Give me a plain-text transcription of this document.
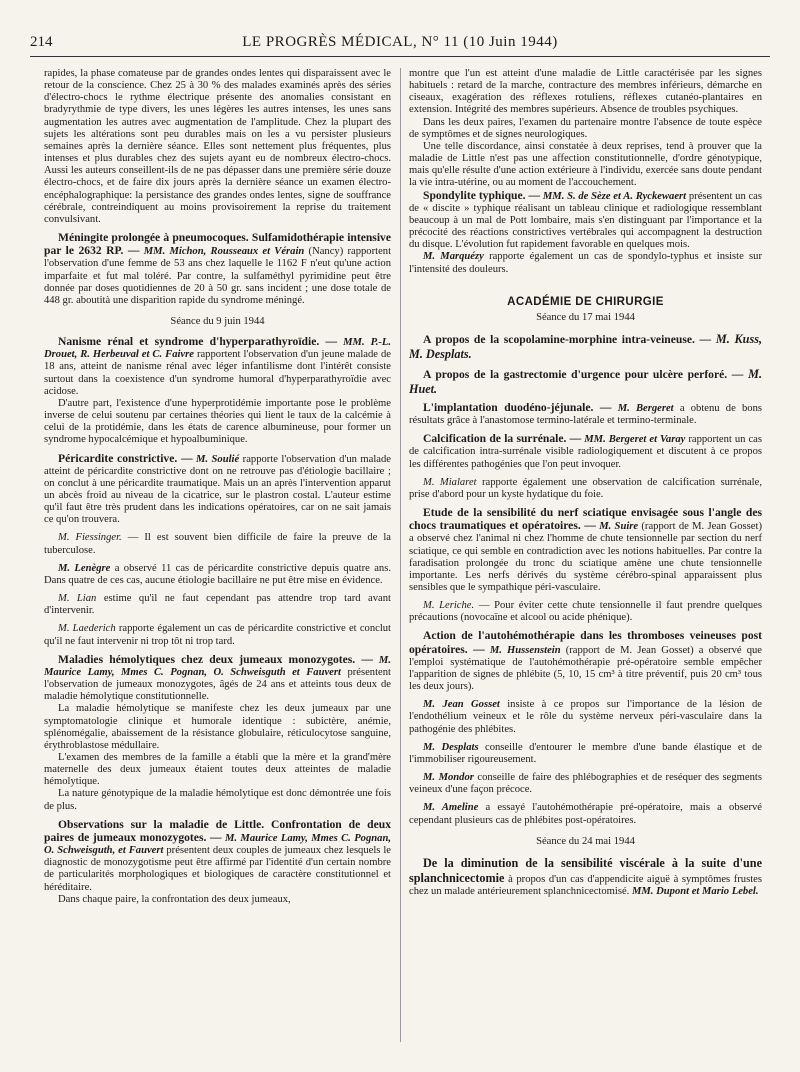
214	LE PROGRÈS MÉDICAL, N° 11 (10 Juin 1944)

rapides, la phase comateuse par de grandes ondes lentes qui disparaissent avec le retour de la conscience. Chez 25 à 30 % des malades examinés après des séries d'électro-chocs le rythme électrique présente des anomalies consistant en bradyrythmie de type divers, les unes légères les autres intenses, les unes sans augmentation les autres avec augmentation de l'amplitude. Chez la plupart des sujets les altérations sont peu durables mais on les a vu persister plusieurs semaines après la dernière séance. Elles sont nettement plus fréquentes, plus intenses et plus durables chez des sujets ayant eu de nombreux électro-chocs. Aussi les auteurs conseillent-ils de ne pas dépasser dans une première série douze électro-chocs, et de faire dix jours après la dernière séance un examen électro-encéphalographique: la persistance des grandes ondes lentes, signe de souffrance cérébrale, contreindiquent au moins provisoirement la reprise du traitement convulsivant.

Méningite prolongée à pneumocoques. Sulfamidothérapie intensive par le 2632 RP. — MM. Michon, Rousseaux et Vérain (Nancy) rapportent l'observation d'une femme de 53 ans chez laquelle le 1162 F n'eut qu'une action imparfaite et fut mal toléré. Par contre, la sulfaméthyl pyrimidine peut être donnée par doses quotidiennes de 20 à 50 gr. sans incident ; une dose totale de 448 gr. aboutità une disparition rapide du syndrome méningé.

Séance du 9 juin 1944

Nanisme rénal et syndrome d'hyperparathyroïdie. — MM. P.-L. Drouet, R. Herbeuval et C. Faivre rapportent l'observation d'un jeune malade de 18 ans, atteint de nanisme rénal avec léger infantilisme dont l'intérêt consiste surtout dans la coexistence d'un syndrome humoral d'hyperparathyroïdie avec acidose.

D'autre part, l'existence d'une hyperprotidémie importante pose le problème inverse de celui soutenu par certaines théories qui lient le taux de la calcémie à celui de la protidémie, dans les états de carence albumineuse, pour former un syndrome hypocalcémique et hypoalbuminique.

Péricardite constrictive. — M. Soulié rapporte l'observation d'un malade atteint de péricardite constrictive dont on ne retrouve pas d'étiologie bacillaire ; on conclut à une péricardite traumatique. Mais un an après l'intervention apparut un abcès froid au niveau de la cicatrice, sur le plastron costal. L'auteur estime qu'il faut être très prudent dans les indications opératoires, car on ne sait jamais ce qu'on trouvera.

M. Fiessinger. — Il est souvent bien difficile de faire la preuve de la tuberculose.

M. Lenègre a observé 11 cas de péricardite constrictive depuis quatre ans. Dans quatre de ces cas, aucune étiologie bacillaire ne put être mise en évidence.

M. Lian estime qu'il ne faut cependant pas attendre trop tard avant d'intervenir.

M. Laederich rapporte également un cas de péricardite constrictive et conclut qu'il ne faut intervenir ni trop tôt ni trop tard.

Maladies hémolytiques chez deux jumeaux monozygotes. — M. Maurice Lamy, Mmes C. Pognan, O. Schweisguth et Fauvert présentent l'observation de jumeaux monozygotes, âgés de 24 ans et atteints tous deux de maladie hémolytique constitutionnelle.

La maladie hémolytique se manifeste chez les deux jumeaux par une symptomatologie clinique et humorale identique : subictère, anémie, splénomégalie, abaissement de la résistance globulaire, réticulocytose sanguine, érythroblastose médullaire.

L'examen des membres de la famille a établi que la mère et la grand'mère maternelle des deux jumeaux étaient toutes deux atteintes de maladie hémolytique.

La nature génotypique de la maladie hémolytique est donc démontrée une fois de plus.

Observations sur la maladie de Little. Confrontation de deux paires de jumeaux monozygotes. — M. Maurice Lamy, Mmes C. Pognan, O. Schweisguth, et Fauvert présentent deux couples de jumeaux chez lesquels le diagnostic de monozygotisme peut être affirmé par l'identité d'un certain nombre de particularités morphologiques et biologiques de caractère constitutionnel et héréditaire.

Dans chaque paire, la confrontation des deux jumeaux,

montre que l'un est atteint d'une maladie de Little caractérisée par les signes habituels : retard de la marche, contracture des membres inférieurs, démarche en ciseaux, exagération des réflexes rotuliens, réflexes cutanéo-plantaires en extension. Intégrité des membres supérieurs. Absence de troubles psychiques.

Dans les deux paires, l'examen du partenaire montre l'absence de toute espèce de symptômes et de signes neurologiques.

Une telle discordance, ainsi constatée à deux reprises, tend à prouver que la maladie de Little n'est pas une affection constitutionnelle, d'ordre génotypique, mais qu'elle résulte d'une action extérieure à l'individu, exercée sans doute pendant la vie intra-utérine, ou au moment de l'accouchement.

Spondylite typhique. — MM. S. de Sèze et A. Ryckewaert présentent un cas de « discite » typhique réalisant un tableau clinique et radiologique ressemblant beaucoup à un mal de Pott lombaire, mais s'en distinguant par l'importance et la précocité des réactions constrictives vertébrales qui accompagnent la destruction du disque. L'évolution fut rapidement favorable en quelques mois.

M. Marquézy rapporte également un cas de spondylo-typhus et insiste sur l'intensité des douleurs.

ACADÉMIE DE CHIRURGIE
Séance du 17 mai 1944

A propos de la scopolamine-morphine intra-veineuse. — M. Kuss, M. Desplats.

A propos de la gastrectomie d'urgence pour ulcère perforé. — M. Huet.

L'implantation duodéno-jéjunale. — M. Bergeret a obtenu de bons résultats grâce à l'anastomose termino-latérale et termino-terminale.

Calcification de la surrénale. — MM. Bergeret et Varay rapportent un cas de calcification intra-surrénale visible radiologiquement et discutent à ce propos les différentes pathogénies que l'on peut invoquer.

M. Mialaret rapporte également une observation de calcification surrénale, prise d'abord pour un kyste hydatique du foie.

Etude de la sensibilité du nerf sciatique envisagée sous l'angle des chocs traumatiques et opératoires. — M. Suire (rapport de M. Jean Gosset) a observé chez l'animal ni chez l'homme de chute tensionnelle par section du nerf sciatique, ce qui semble en contradiction avec les notions habituelles. Par contre la faradisation prolongée du tronc du sciatique amène une chute tensionnelle importante. Les nerfs dérivés du système cérébro-spinal apparaissent plus sensibles que le sympathique péri-vasculaire.

M. Leriche. — Pour éviter cette chute tensionnelle il faut prendre quelques précautions (novocaïne et alcool ou acide phénique).

Action de l'autohémothérapie dans les thromboses veineuses post opératoires. — M. Hussenstein (rapport de M. Jean Gosset) a observé que l'emploi systématique de l'autohémothérapie pré-opératoire semble empêcher l'apparition de signes de phlébite (5, 10, 15 cm³ à titre préventif, puis 20 cm³ tous les deux jours).

M. Jean Gosset insiste à ce propos sur l'importance de la lésion de l'endothélium veineux et le rôle du système nerveux péri-vasculaire dans la pathogénie des phlébites.

M. Desplats conseille d'entourer le membre d'une bande élastique et de l'immobiliser rigoureusement.

M. Mondor conseille de faire des phlébographies et de reséquer des segments veineux d'une façon précoce.

M. Ameline a essayé l'autohémothérapie pré-opératoire, mais a observé cependant plusieurs cas de phlébites post-opératoires.

Séance du 24 mai 1944

De la diminution de la sensibilité viscérale à la suite d'une splanchnicectomie à propos d'un cas d'appendicite aiguë à symptômes frustes chez un malade antérieurement splanchnicectomisé. MM. Dupont et Mario Lebel.
